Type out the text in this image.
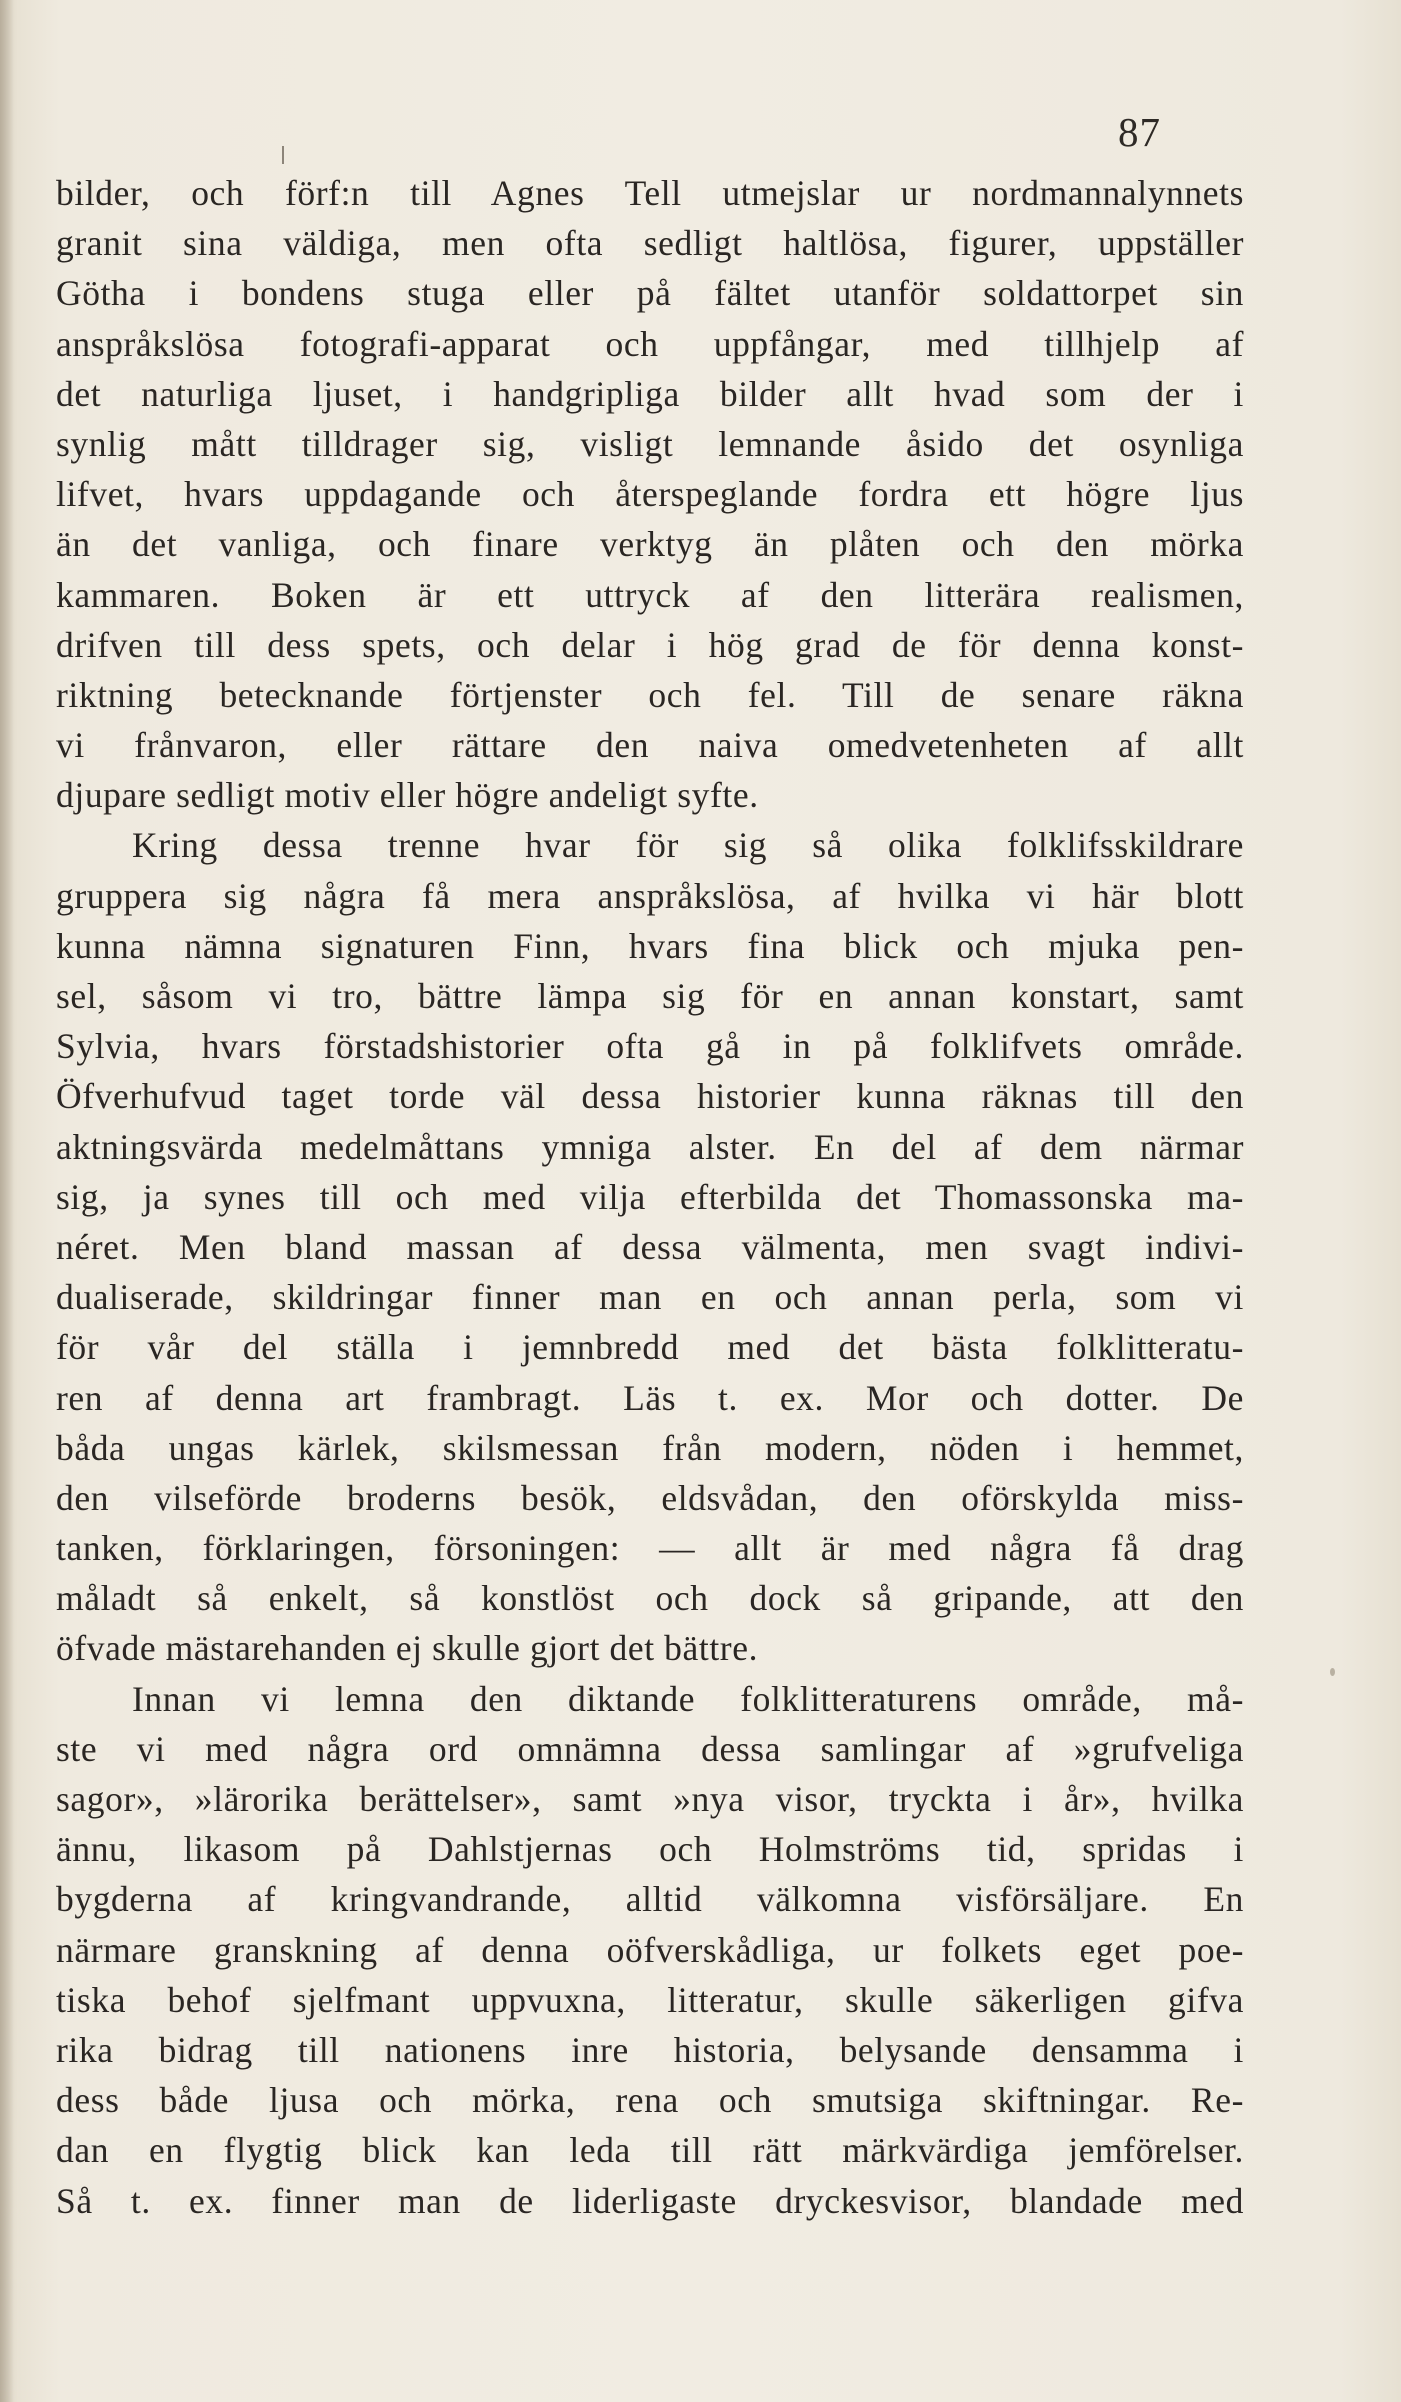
87
bilder, och förf:n till Agnes Tell utmejslar ur nordmannalynnets
granit sina väldiga, men ofta sedligt haltlösa, figurer, uppställer
Götha i bondens stuga eller på fältet utanför soldattorpet sin
anspråkslösa fotografi-apparat och uppfångar, med tillhjelp af
det naturliga ljuset, i handgripliga bilder allt hvad som der i
synlig mått tilldrager sig, visligt lemnande åsido det osynliga
lifvet, hvars uppdagande och återspeglande fordra ett högre ljus
än det vanliga, och finare verktyg än plåten och den mörka
kammaren. Boken är ett uttryck af den litterära realismen,
drifven till dess spets, och delar i hög grad de för denna konst-
riktning betecknande förtjenster och fel. Till de senare räkna
vi frånvaron, eller rättare den naiva omedvetenheten af allt
djupare sedligt motiv eller högre andeligt syfte.
Kring dessa trenne hvar för sig så olika folklifsskildrare
gruppera sig några få mera anspråkslösa, af hvilka vi här blott
kunna nämna signaturen Finn, hvars fina blick och mjuka pen-
sel, såsom vi tro, bättre lämpa sig för en annan konstart, samt
Sylvia, hvars förstadshistorier ofta gå in på folklifvets område.
Öfverhufvud taget torde väl dessa historier kunna räknas till den
aktningsvärda medelmåttans ymniga alster. En del af dem närmar
sig, ja synes till och med vilja efterbilda det Thomassonska ma-
néret. Men bland massan af dessa välmenta, men svagt indivi-
dualiserade, skildringar finner man en och annan perla, som vi
för vår del ställa i jemnbredd med det bästa folklitteratu-
ren af denna art frambragt. Läs t. ex. Mor och dotter. De
båda ungas kärlek, skilsmessan från modern, nöden i hemmet,
den vilseförde broderns besök, eldsvådan, den oförskylda miss-
tanken, förklaringen, försoningen: — allt är med några få drag
måladt så enkelt, så konstlöst och dock så gripande, att den
öfvade mästarehanden ej skulle gjort det bättre.
Innan vi lemna den diktande folklitteraturens område, må-
ste vi med några ord omnämna dessa samlingar af »grufveliga
sagor», »lärorika berättelser», samt »nya visor, tryckta i år», hvilka
ännu, likasom på Dahlstjernas och Holmströms tid, spridas i
bygderna af kringvandrande, alltid välkomna visförsäljare. En
närmare granskning af denna oöfverskådliga, ur folkets eget poe-
tiska behof sjelfmant uppvuxna, litteratur, skulle säkerligen gifva
rika bidrag till nationens inre historia, belysande densamma i
dess både ljusa och mörka, rena och smutsiga skiftningar. Re-
dan en flygtig blick kan leda till rätt märkvärdiga jemförelser.
Så t. ex. finner man de liderligaste dryckesvisor, blandade med
